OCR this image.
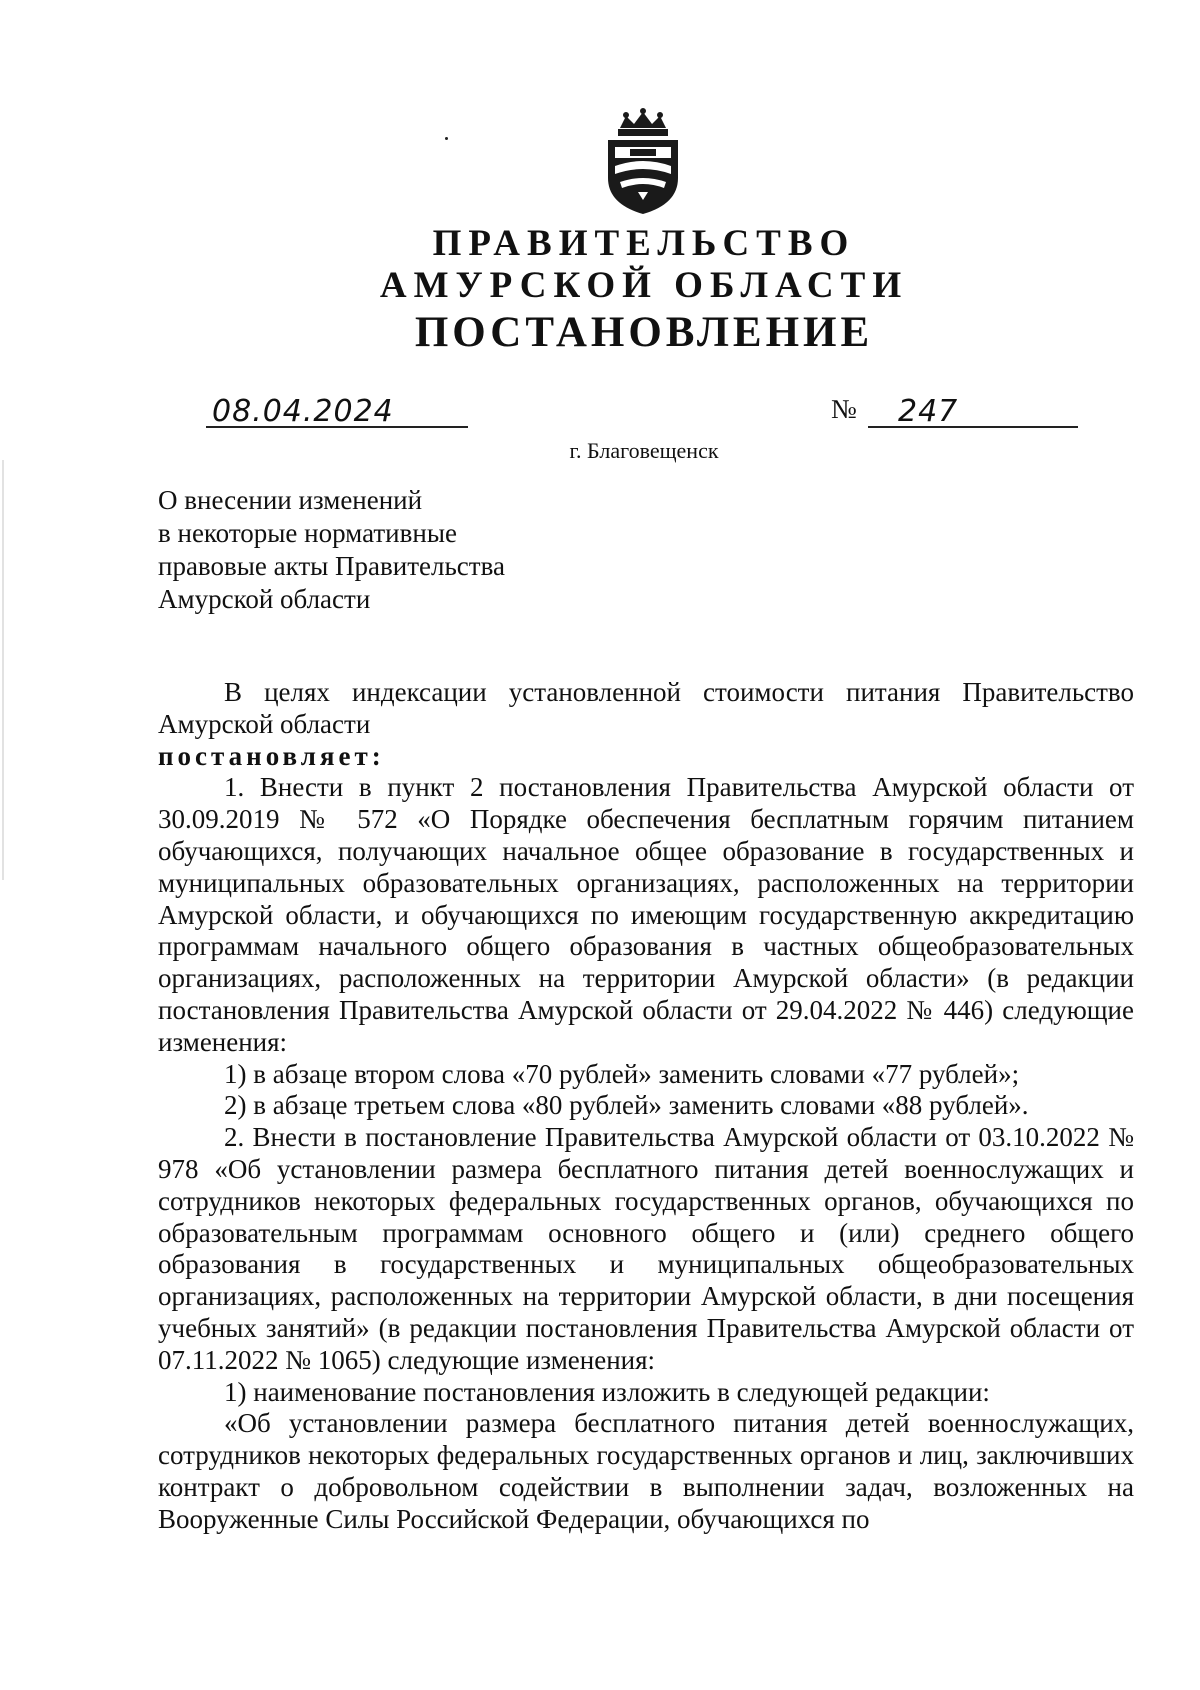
ПРАВИТЕЛЬСТВО
АМУРСКОЙ ОБЛАСТИ
ПОСТАНОВЛЕНИЕ
08.04.2024	№ 247
г. Благовещенск
О внесении изменений
в некоторые нормативные
правовые акты Правительства
Амурской области

В целях индексации установленной стоимости питания Правительство Амурской области

постановляет:

1. Внести в пункт 2 постановления Правительства Амурской области от 30.09.2019 № 572 «О Порядке обеспечения бесплатным горячим питанием обучающихся, получающих начальное общее образование в государственных и муниципальных образовательных организациях, расположенных на территории Амурской области, и обучающихся по имеющим государственную аккредитацию программам начального общего образования в частных общеобразовательных организациях, расположенных на территории Амурской области» (в редакции постановления Правительства Амурской области от 29.04.2022 № 446) следующие изменения:

1) в абзаце втором слова «70 рублей» заменить словами «77 рублей»;

2) в абзаце третьем слова «80 рублей» заменить словами «88 рублей».

2. Внести в постановление Правительства Амурской области от 03.10.2022 № 978 «Об установлении размера бесплатного питания детей военнослужащих и сотрудников некоторых федеральных государственных органов, обучающихся по образовательным программам основного общего и (или) среднего общего образования в государственных и муниципальных общеобразовательных организациях, расположенных на территории Амурской области, в дни посещения учебных занятий» (в редакции постановления Правительства Амурской области от 07.11.2022 № 1065) следующие изменения:

1) наименование постановления изложить в следующей редакции:

«Об установлении размера бесплатного питания детей военнослужащих, сотрудников некоторых федеральных государственных органов и лиц, заключивших контракт о добровольном содействии в выполнении задач, возложенных на Вооруженные Силы Российской Федерации, обучающихся по
